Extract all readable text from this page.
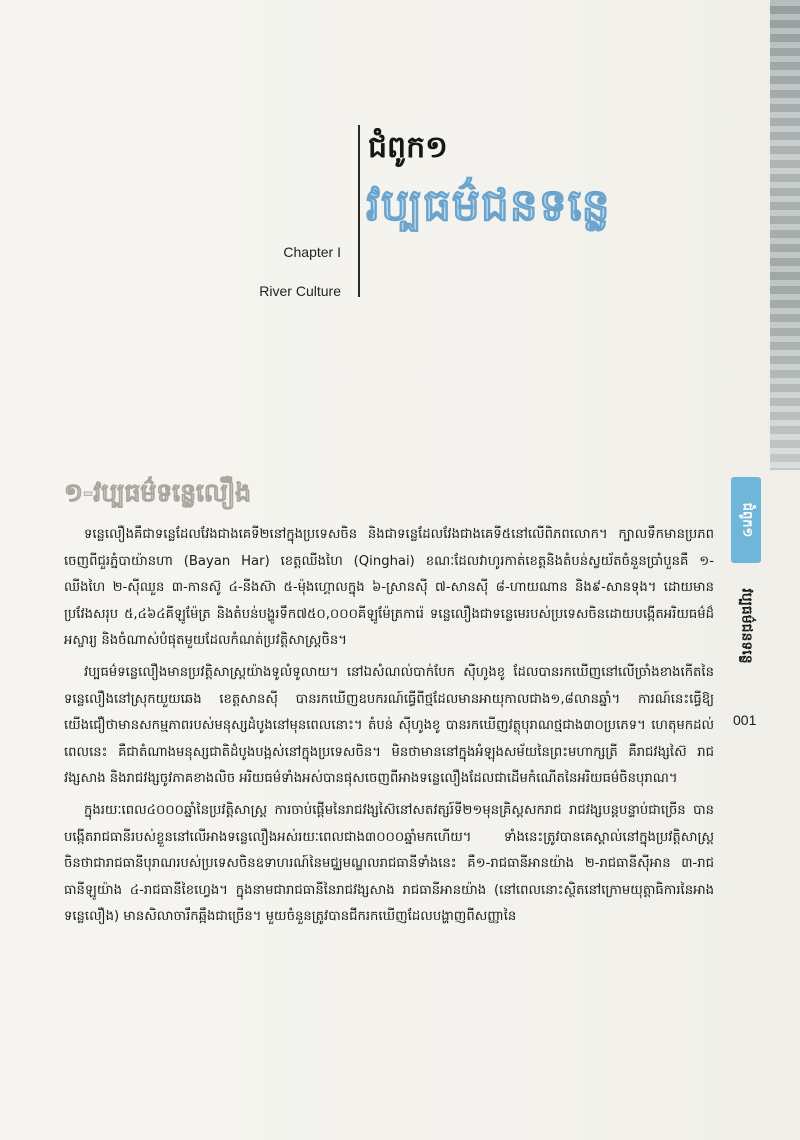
ជំពូក១
វប្បធម៌ជនទន្លេ
Chapter I
River Culture
១-វប្បធម៌ទន្លេលឿង

ទន្លេលឿងគឺជាទន្លេដែលវែងជាងគេទី២នៅក្នុងប្រទេសចិន និងជាទន្លេដែលវែងជាងគេទី៥នៅលើពិភពលោក។ ក្បាលទឹកមានប្រភពចេញពីជួរភ្នំបាយ៉ានហា (Bayan Har) ខេត្តឈីងហៃ (Qinghai) ខណៈដែលវាហូរកាត់ខេត្តនិងតំបន់ស្វយ័តចំនួនប្រាំបួនគឺ ១-ឈីងហៃ ២-ស៊ីឈួន ៣-កានស៊ូ ៤-នីងស៊ា ៥-ម៉ុងហ្គោលក្នុង ៦-ស្រានស៊ី ៧-សានស៊ី ៨-ហាយណាន និង៩-សានទុង។ ដោយមានប្រវែងសរុប ៥,៤៦៤គីឡូម៉ែត្រ និងតំបន់បង្ហូរទឹក៧៥០,០០០គីឡូម៉ែត្រការ៉េ ទន្លេលឿងជាទន្លេមេរបស់ប្រទេសចិនដោយបង្កើតអរិយធម៌ដ៏អស្ចារ្យ និងចំណាស់បំផុតមួយដែលកំណត់ប្រវត្តិសាស្ត្រចិន។

វប្បធម៌ទន្លេលឿងមានប្រវត្តិសាស្ត្រយ៉ាងទូលំទូលាយ។ នៅឯសំណល់បាក់បែក ស៊ីហូងខូ ដែលបានរកឃើញនៅលើច្រាំងខាងកើតនៃទន្លេលឿងនៅស្រុកយួយឆេង ខេត្តសានស៊ី បានរកឃើញឧបករណ៍ធ្វើពីថ្មដែលមានអាយុកាលជាង១,៨លានឆ្នាំ។ ការណ៍នេះធ្វើឱ្យយើងជឿថាមានសកម្មភាពរបស់មនុស្សដំបូងនៅមុនពេលនោះ។ តំបន់ ស៊ីហូងខូ បានរកឃើញវត្ថុបុរាណថ្មជាង៣០ប្រភេទ។ ហេតុមកដល់ពេលនេះ គឺជាតំណាងមនុស្សជាតិដំបូងបង្អស់នៅក្នុងប្រទេសចិន។ មិនថាមាននៅក្នុងអំឡុងសម័យនៃព្រះមហាក្សត្រី គឺរាជវង្សស៊ៃ រាជវង្សសាង និងរាជវង្សចូវភាគខាងលិច អរិយធម៌ទាំងអស់បានផុសចេញពីអាងទន្លេលឿងដែលជាដើមកំណើតនៃអរិយធម៌ចិនបុរាណ។

ក្នុងរយៈពេល៤០០០ឆ្នាំនៃប្រវត្តិសាស្ត្រ ការចាប់ផ្ដើមនៃរាជវង្សស៊ៃនៅសតវត្សរ៍ទី២១មុនគ្រិស្តសករាជ រាជវង្សបន្តបន្ទាប់ជាច្រើន បានបង្កើតរាជធានីរបស់ខ្លួននៅលើអាងទន្លេលឿងអស់រយៈពេលជាង៣០០០ឆ្នាំមកហើយ។ ទាំងនេះត្រូវបានគេស្គាល់នៅក្នុងប្រវត្តិសាស្ត្រចិនថាជារាជធានីបុរាណរបស់ប្រទេសចិនឧទាហរណ៍នៃមជ្ឈមណ្ឌលរាជធានីទាំងនេះ គឺ១-រាជធានីអានយ៉ាង ២-រាជធានីស៊ីអាន ៣-រាជធានីឡូយ៉ាង ៤-រាជធានីខៃហ្វេង។ ក្នុងនាមជារាជធានីនៃរាជវង្សសាង រាជធានីអានយ៉ាង (នៅពេលនោះស្ថិតនៅក្រោមយុត្តាធិការនៃអាងទន្លេលឿង) មានសិលាចារឹកឆ្អឹងជាច្រើន។ មួយចំនួនត្រូវបានជីករកឃើញដែលបង្ហាញពីសញ្ញានៃ

ជំពូក១
វប្បធម៌ជនទន្លេ
001
